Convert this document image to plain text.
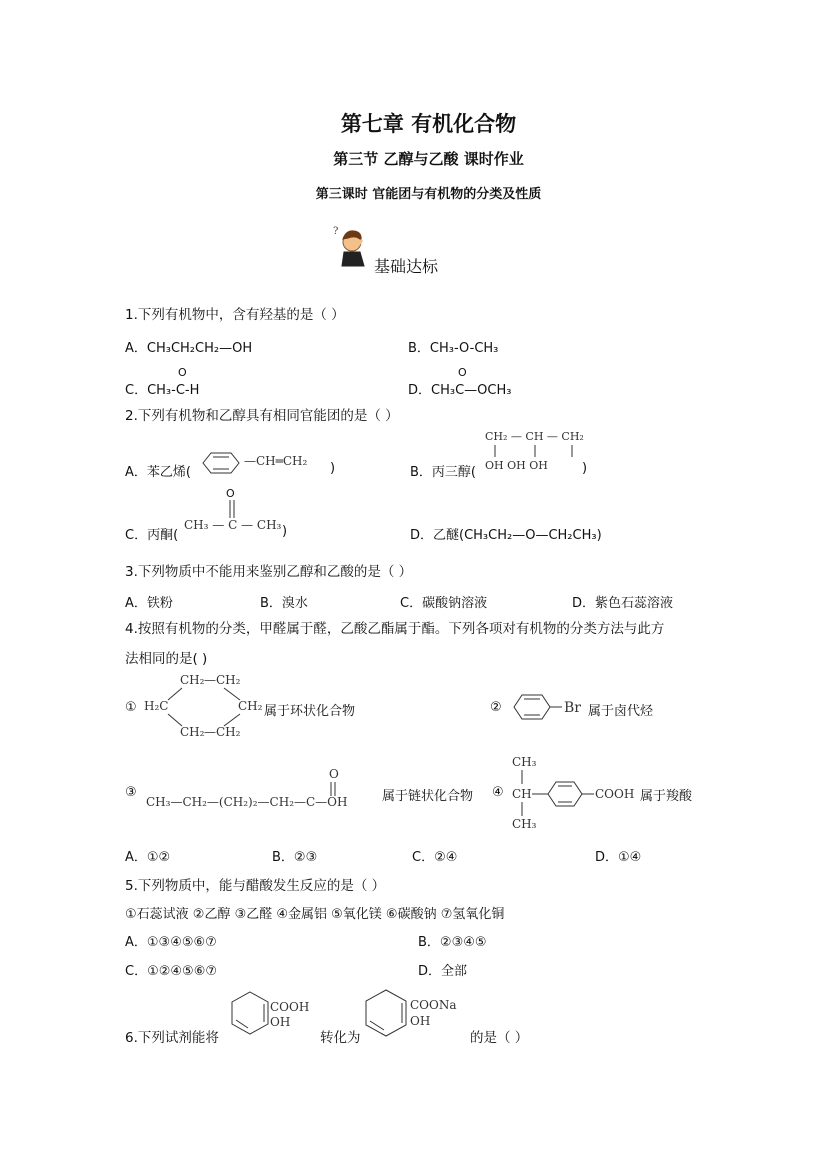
第七章 有机化合物
第三节 乙醇与乙酸 课时作业
第三课时 官能团与有机物的分类及性质
?
基础达标
1.下列有机物中，含有羟基的是（ ）
A．CH₃CH₂CH₂—OH	B．CH₃-O-CH₃
C．CH₃-C-H
O
D．CH₃C—OCH₃
O
2.下列有机物和乙醇具有相同官能团的是（ ）
A．苯乙烯(
—CH═CH₂ )	B．丙三醇(
CH₂ — CH — CH₂
OH OH OH	)
C．丙酮(
O
CH₃ — C — CH₃ )	D．乙醚(CH₃CH₂—O—CH₂CH₃)
3.下列物质中不能用来鉴别乙醇和乙酸的是（ ）
A．铁粉	B．溴水	C．碳酸钠溶液	D．紫色石蕊溶液
4.按照有机物的分类，甲醛属于醛，乙酸乙酯属于酯。下列各项对有机物的分类方法与此方
法相同的是( )
①
CH₂ —CH₂
H₂C	CH₂
CH₂ —CH₂
属于环状化合物	②	Br 属于卤代烃
③
CH₃—CH₂—(CH₂)₂—CH₂—C—OH
O
属于链状化合物 ④
CH₃
CH	COOH
CH₃
属于羧酸
A．①②	B．②③	C．②④	D．①④
5.下列物质中，能与醋酸发生反应的是（ ）
①石蕊试液 ②乙醇 ③乙醛 ④金属铝 ⑤氧化镁 ⑥碳酸钠 ⑦氢氧化铜
A．①③④⑤⑥⑦	B．②③④⑤
C．①②④⑤⑥⑦	D．全部
6.下列试剂能将
COOH
OH
转化为
COONa
OH
的是（ ）
